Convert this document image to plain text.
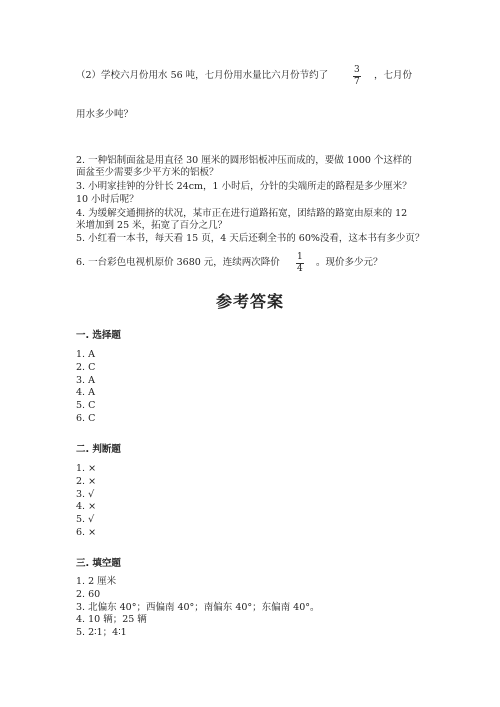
（2）学校六月份用水 56 吨，七月份用水量比六月份节约了	3
7
，七月份
用水多少吨？
2. 一种铝制面盆是用直径 30 厘米的圆形铝板冲压而成的，要做 1000 个这样的
面盆至少需要多少平方米的铝板？
3. 小明家挂钟的分针长 24cm，1 小时后，分针的尖端所走的路程是多少厘米？
10 小时后呢？
4. 为缓解交通拥挤的状况，某市正在进行道路拓宽，团结路的路宽由原来的 12
米增加到 25 米，拓宽了百分之几？
5. 小红看一本书，每天看 15 页，4 天后还剩全书的 60%没看，这本书有多少页？
6. 一台彩色电视机原价 3680 元，连续两次降价 1
4
。现价多少元？
参考答案
一. 选择题
1. A
2. C
3. A
4. A
5. C
6. C
二. 判断题
1. ×
2. ×
3. √
4. ×
5. √
6. ×
三. 填空题
1. 2 厘米
2. 60
3. 北偏东 40°；西偏南 40°；南偏东 40°；东偏南 40°。
4. 10 辆；25 辆
5. 2∶1；4∶1
